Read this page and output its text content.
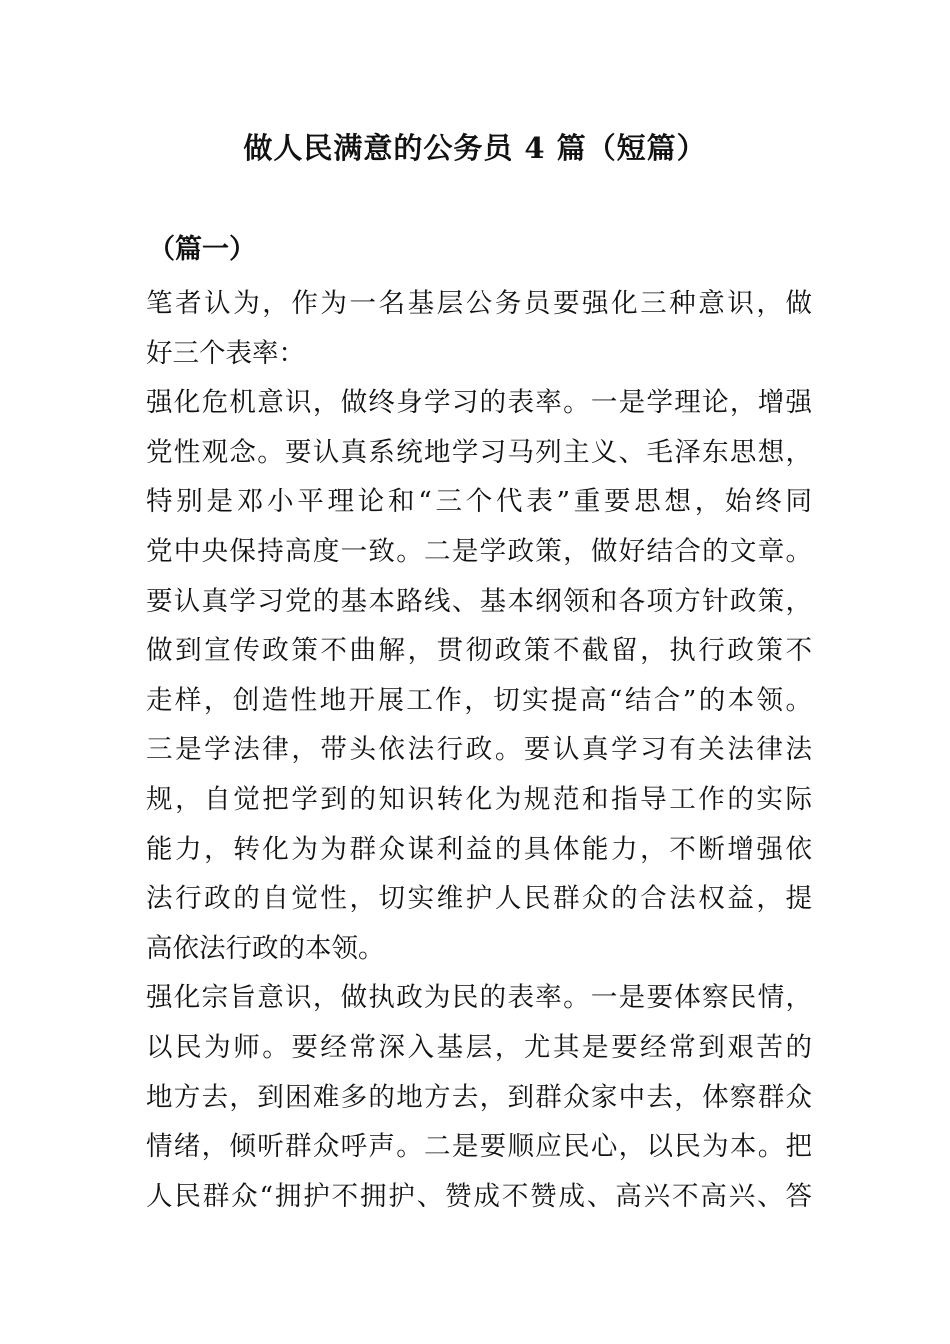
做人民满意的公务员 4 篇（短篇）
（篇一）
笔者认为，作为一名基层公务员要强化三种意识，做
好三个表率：
强化危机意识，做终身学习的表率。一是学理论，增强
党性观念。要认真系统地学习马列主义、毛泽东思想，
特别是邓小平理论和“三个代表”重要思想，始终同
党中央保持高度一致。二是学政策，做好结合的文章。
要认真学习党的基本路线、基本纲领和各项方针政策，
做到宣传政策不曲解，贯彻政策不截留，执行政策不
走样，创造性地开展工作，切实提高“结合”的本领。
三是学法律，带头依法行政。要认真学习有关法律法
规，自觉把学到的知识转化为规范和指导工作的实际
能力，转化为为群众谋利益的具体能力，不断增强依
法行政的自觉性，切实维护人民群众的合法权益，提
高依法行政的本领。
强化宗旨意识，做执政为民的表率。一是要体察民情，
以民为师。要经常深入基层，尤其是要经常到艰苦的
地方去，到困难多的地方去，到群众家中去，体察群众
情绪，倾听群众呼声。二是要顺应民心，以民为本。把
人民群众“拥护不拥护、赞成不赞成、高兴不高兴、答
